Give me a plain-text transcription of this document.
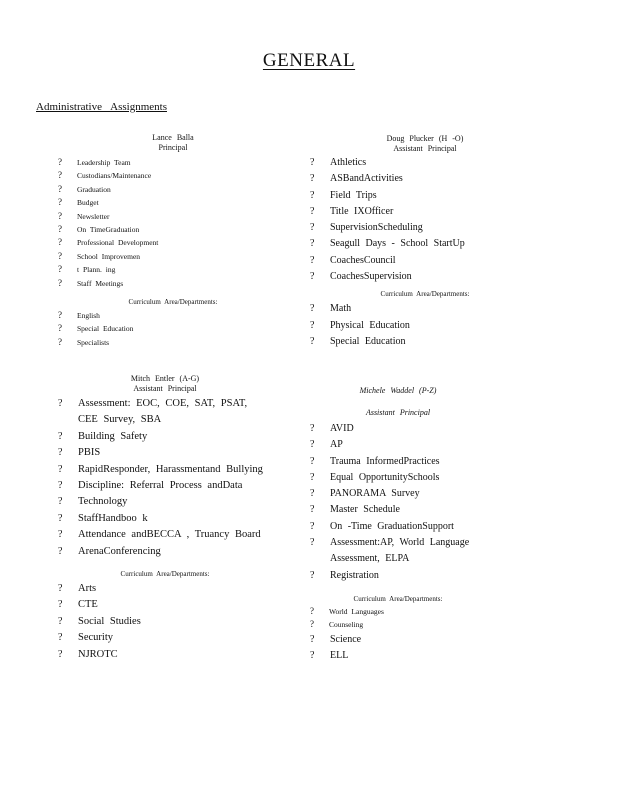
GENERAL
Administrative Assignments
Lance Balla
Principal
?	Leadership Team
?	Custodians/Maintenance
?	Graduation
?	Budget
?	Newsletter
?	On TimeGraduation
?	Professional Development
?	School Improvemen
?	t Plann. ing
?	Staff Meetings
Curriculum Area/Departments:
?	English
?	Special Education
?	Specialists
Mitch Entler (A-G)
Assistant Principal
?	Assessment: EOC, COE, SAT, PSAT, CEE Survey, SBA
?	Building Safety
?	PBIS
?	RapidResponder, Harassmentand Bullying
?	Discipline: Referral Process andData
?	Technology
?	StaffHandboo k
?	Attendance andBECCA , Truancy Board
?	ArenaConferencing
Curriculum Area/Departments:
?	Arts
?	CTE
?	Social Studies
?	Security
?	NJROTC
Doug Plucker (H -O)
Assistant Principal
?	Athletics
?	ASBandActivities
?	Field Trips
?	Title IXOfficer
?	SupervisionScheduling
?	Seagull Days - School StartUp
?	CoachesCouncil
?	CoachesSupervision
Curriculum Area/Departments:
?	Math
?	Physical Education
?	Special Education
Michele Waddel (P-Z)
Assistant Principal
?	AVID
?	AP
?	Trauma InformedPractices
?	Equal OpportunitySchools
?	PANORAMA Survey
?	Master Schedule
?	On -Time GraduationSupport
?	Assessment:AP, World Language Assessment, ELPA
?	Registration
Curriculum Area/Departments:
?	World Languages
?	Counseling
?	Science
?	ELL
